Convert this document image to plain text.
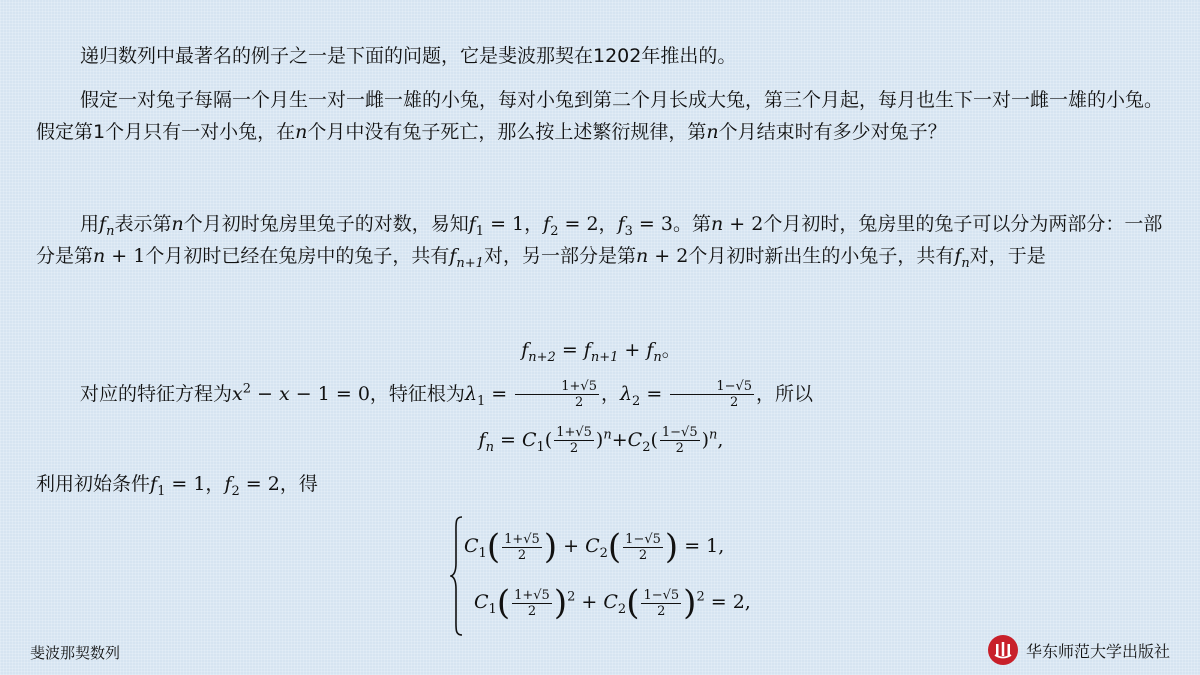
递归数列中最著名的例子之一是下面的问题，它是斐波那契在1202年推出的。

假定一对兔子每隔一个月生一对一雌一雄的小兔，每对小兔到第二个月长成大兔，第三个月起，每月也生下一对一雌一雄的小兔。假定第1个月只有一对小兔，在n个月中没有兔子死亡，那么按上述繁衍规律，第n个月结束时有多少对兔子？

用$f_n$表示第n个月初时兔房里兔子的对数，易知$f_1 = 1$，$f_2 = 2$，$f_3 = 3$。第n + 2个月初时，兔房里的兔子可以分为两部分：一部分是第n + 1个月初时已经在兔房中的兔子，共有$f_{n+1}$对，另一部分是第n + 2个月初时新出生的小兔子，共有$f_n$对，于是

$f_{n+2} = f_{n+1} + f_n$。

对应的特征方程为$x^2 - x - 1 = 0$，特征根为$\lambda_1 = \frac{1+√5}{2}$ ，$\lambda_2 = \frac{1-√5}{2}$ ，所以

$f_n = C_1( \frac{1+√5}{2} )^n+C_2( \frac{1-√5}{2} )^n$,

利用初始条件$f_1 = 1$，$f_2 = 2$，得

$C_1( \frac{1+√5}{2}$ ) + $C_2( \frac{1-√5}{2}$ ) = 1,
$C_1( \frac{1+√5}{2} )^2 + C_2( \frac{1-√5}{2} )^2 = 2$,
斐波那契数列	华东师范大学出版社
